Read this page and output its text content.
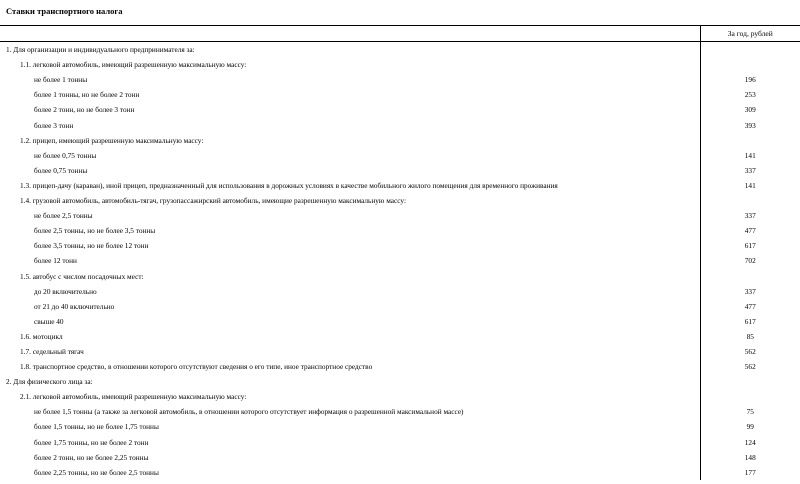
Ставки транспортного налога
	За год, рублей
1. Для организации и индивидуального предпринимателя за:	
1.1. легковой автомобиль, имеющий разрешенную максимальную массу:	
не более 1 тонны	196
более 1 тонны, но не более 2 тонн	253
более 2 тонн, но не более 3 тонн	309
более 3 тонн	393
1.2. прицеп, имеющий разрешенную максимальную массу:	
не более 0,75 тонны	141
более 0,75 тонны	337
1.3. прицеп-дачу (караван), иной прицеп, предназначенный для использования в дорожных условиях в качестве мобильного жилого помещения для временного проживания	141
1.4. грузовой автомобиль, автомобиль-тягач, грузопассажирский автомобиль, имеющие разрешенную максимальную массу:	
не более 2,5 тонны	337
более 2,5 тонны, но не более 3,5 тонны	477
более 3,5 тонны, но не более 12 тонн	617
более 12 тонн	702
1.5. автобус с числом посадочных мест:	
до 20 включительно	337
от 21 до 40 включительно	477
свыше 40	617
1.6. мотоцикл	85
1.7. седельный тягач	562
1.8. транспортное средство, в отношении которого отсутствуют сведения о его типе, иное транспортное средство	562
2. Для физического лица за:	
2.1. легковой автомобиль, имеющий разрешенную максимальную массу:	
не более 1,5 тонны (а также за легковой автомобиль, в отношении которого отсутствует информация о разрешенной максимальной массе)	75
более 1,5 тонны, но не более 1,75 тонны	99
более 1,75 тонны, но не более 2 тонн	124
более 2 тонн, но не более 2,25 тонны	148
более 2,25 тонны, но не более 2,5 тонны	177
